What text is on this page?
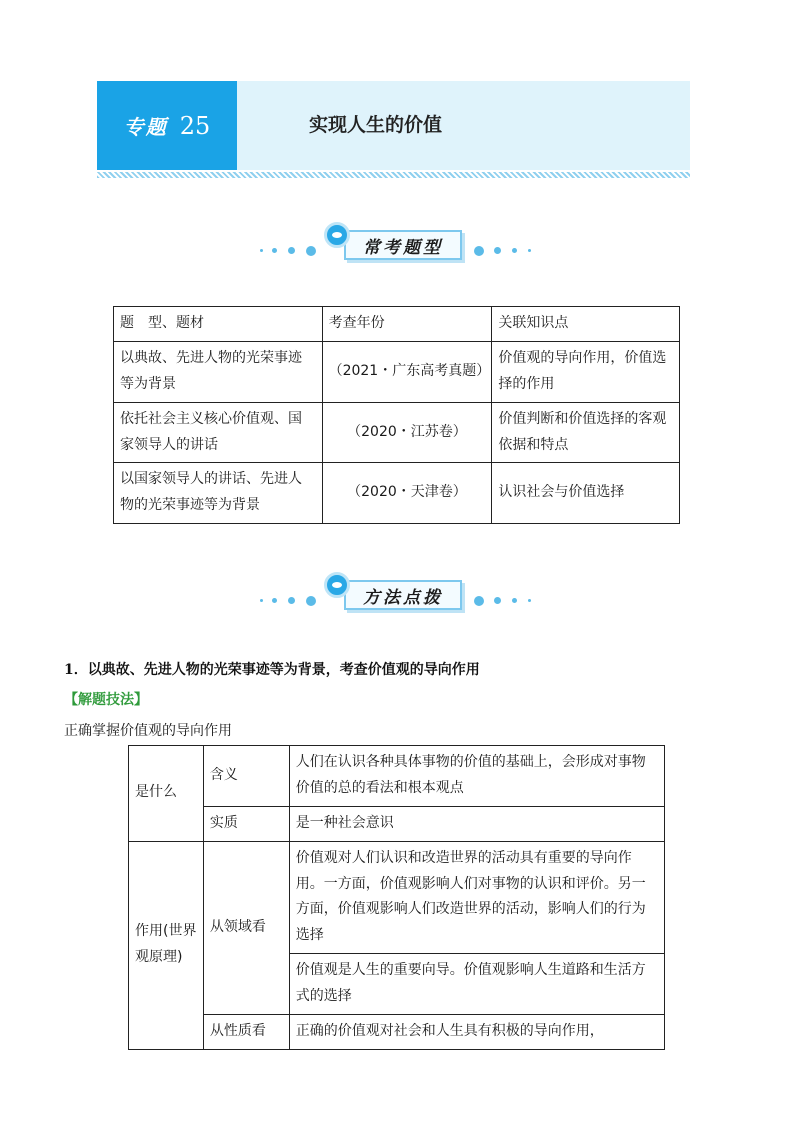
专题 25	实现人生的价值
常考题型
题　型、题材	考查年份	关联知识点
以典故、先进人物的光荣事迹等为背景	（2021・广东高考真题）	价值观的导向作用，价值选择的作用
依托社会主义核心价值观、国家领导人的讲话	（2020・江苏卷）	价值判断和价值选择的客观依据和特点
以国家领导人的讲话、先进人物的光荣事迹等为背景	（2020・天津卷）	认识社会与价值选择
方法点拨
1．以典故、先进人物的光荣事迹等为背景，考查价值观的导向作用
【解题技法】
正确掌握价值观的导向作用
是什么	含义	人们在认识各种具体事物的价值的基础上，会形成对事物价值的总的看法和根本观点
	实质	是一种社会意识
作用(世界观原理)	从领域看	价值观对人们认识和改造世界的活动具有重要的导向作用。一方面，价值观影响人们对事物的认识和评价。另一方面，价值观影响人们改造世界的活动，影响人们的行为选择
		价值观是人生的重要向导。价值观影响人生道路和生活方式的选择
	从性质看	正确的价值观对社会和人生具有积极的导向作用，
